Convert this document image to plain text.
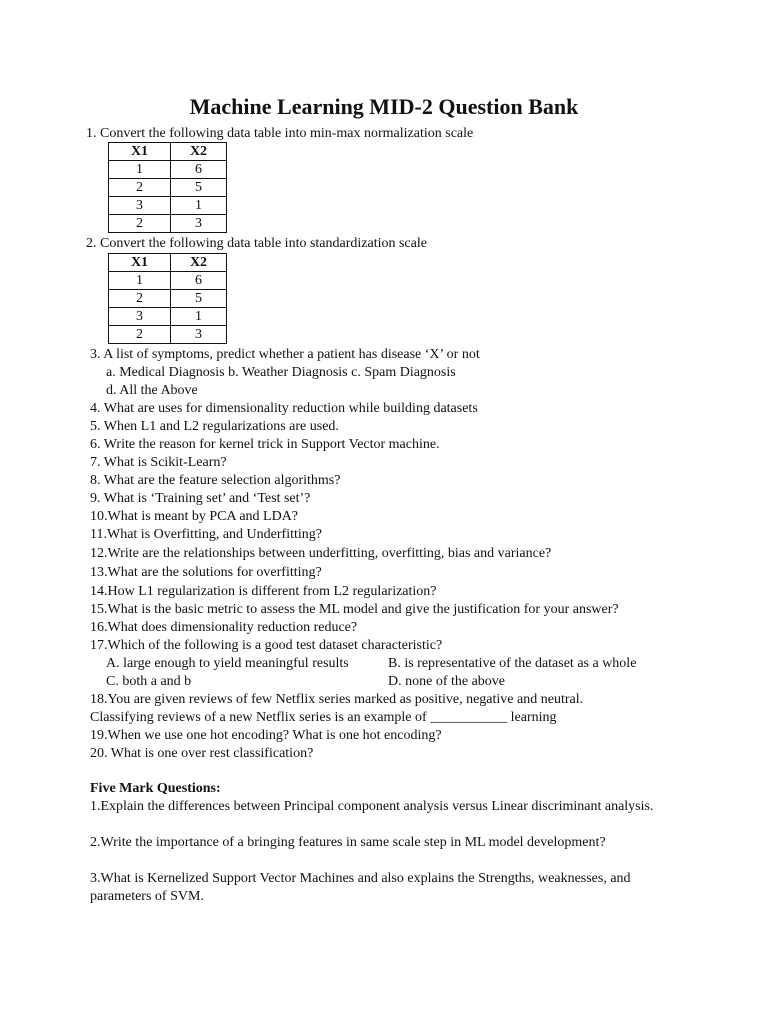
Machine Learning MID-2 Question Bank
1. Convert the following data table into min-max normalization scale
X1	X2
1	6
2	5
3	1
2	3
2. Convert the following data table into standardization scale
X1	X2
1	6
2	5
3	1
2	3
3. A list of symptoms, predict whether a patient has disease ‘X’ or not
a. Medical Diagnosis b. Weather Diagnosis c. Spam Diagnosis
d. All the Above
4. What are uses for dimensionality reduction while building datasets
5. When L1 and L2 regularizations are used.
6. Write the reason for kernel trick in Support Vector machine.
7. What is Scikit-Learn?
8. What are the feature selection algorithms?
9. What is ‘Training set’ and ‘Test set’?
10.What is meant by PCA and LDA?
11.What is Overfitting, and Underfitting?
12.Write are the relationships between underfitting, overfitting, bias and variance?
13.What are the solutions for overfitting?
14.How L1 regularization is different from L2 regularization?
15.What is the basic metric to assess the ML model and give the justification for your answer?
16.What does dimensionality reduction reduce?
17.Which of the following is a good test dataset characteristic?
A. large enough to yield meaningful results	B. is representative of the dataset as a whole
C. both a and b	D. none of the above
18.You are given reviews of few Netflix series marked as positive, negative and neutral.
Classifying reviews of a new Netflix series is an example of ___________ learning
19.When we use one hot encoding? What is one hot encoding?
20. What is one over rest classification?
Five Mark Questions:
1.Explain the differences between Principal component analysis versus Linear discriminant analysis.
2.Write the importance of a bringing features in same scale step in ML model development?
3.What is Kernelized Support Vector Machines and also explains the Strengths, weaknesses, and parameters of SVM.
